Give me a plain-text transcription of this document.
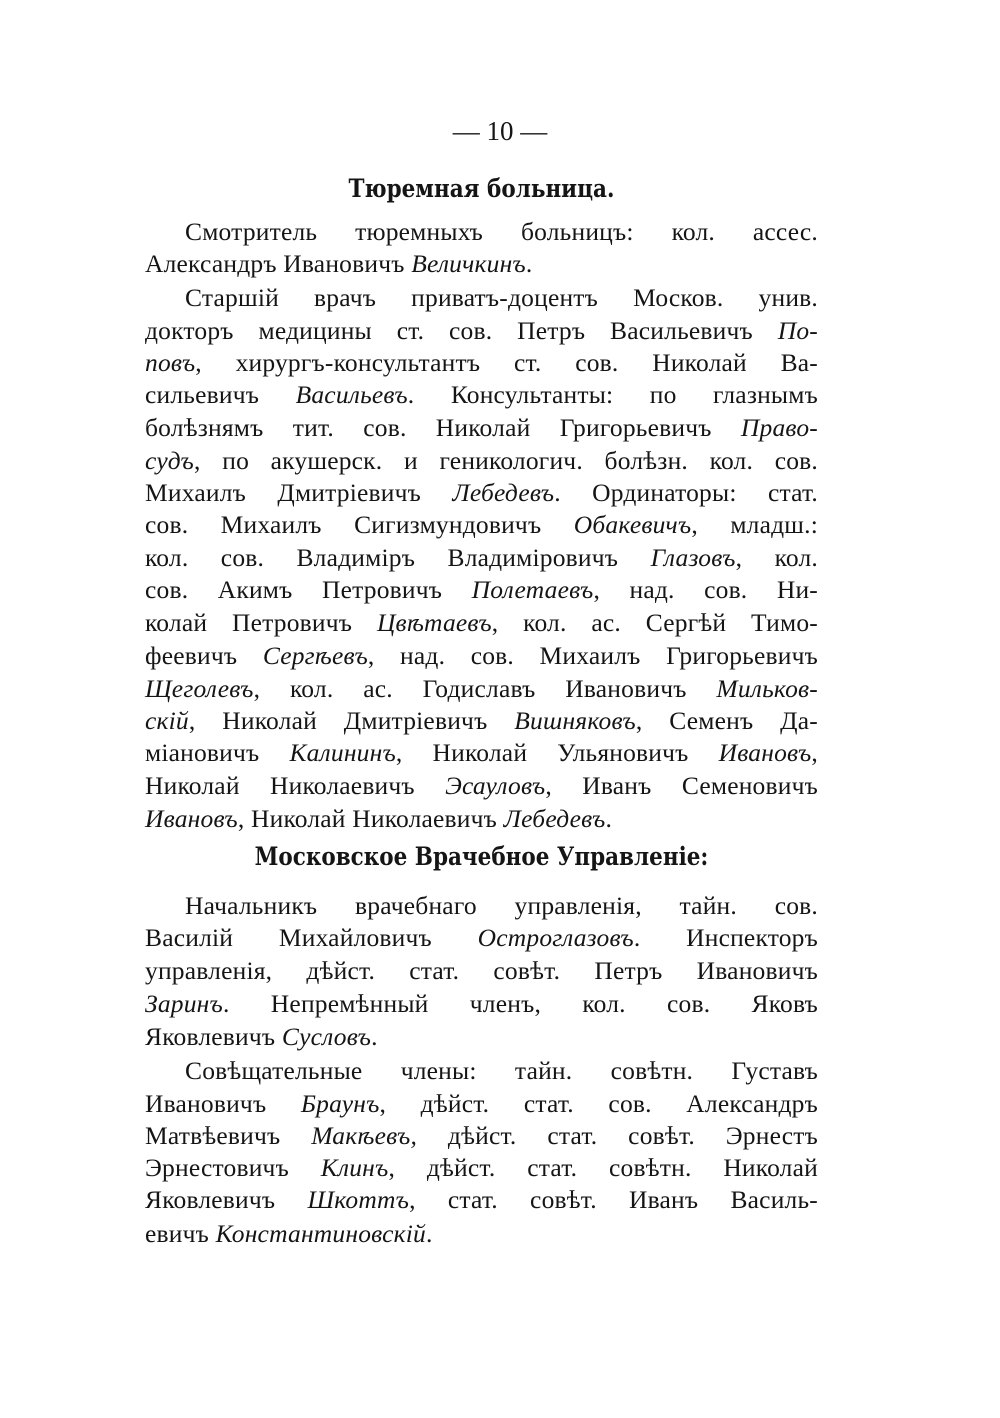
— 10 —
Тюремная больница.
Смотритель тюремныхъ больницъ: кол. ассес.
Александръ Ивановичъ Величкинъ.
Старшій врачъ приватъ-доцентъ Москов. унив.
докторъ медицины ст. сов. Петръ Васильевичъ По-
повъ, хирургъ-консультантъ ст. сов. Николай Ва-
сильевичъ Васильевъ. Консультанты: по глазнымъ
болѣзнямъ тит. сов. Николай Григорьевичъ Право-
судъ, по акушерск. и геникологич. болѣзн. кол. сов.
Михаилъ Дмитріевичъ Лебедевъ. Ординаторы: стат.
сов. Михаилъ Сигизмундовичъ Обакевичъ, младш.:
кол. сов. Владиміръ Владиміровичъ Глазовъ, кол.
сов. Акимъ Петровичъ Полетаевъ, над. сов. Ни-
колай Петровичъ Цвѣтаевъ, кол. ас. Сергѣй Тимо-
феевичъ Сергѣевъ, над. сов. Михаилъ Григорьевичъ
Щеголевъ, кол. ас. Годиславъ Ивановичъ Мильков-
скій, Николай Дмитріевичъ Вишняковъ, Семенъ Да-
міановичъ Калининъ, Николай Ульяновичъ Ивановъ,
Николай Николаевичъ Эсауловъ, Иванъ Семеновичъ
Ивановъ, Николай Николаевичъ Лебедевъ.
Московское Врачебное Управленіе:
Начальникъ врачебнаго управленія, тайн. сов.
Василій Михайловичъ Остроглазовъ. Инспекторъ
управленія, дѣйст. стат. совѣт. Петръ Ивановичъ
Заринъ. Непремѣнный членъ, кол. сов. Яковъ
Яковлевичъ Сусловъ.
Совѣщательные члены: тайн. совѣтн. Густавъ
Ивановичъ Браунъ, дѣйст. стат. сов. Александръ
Матвѣевичъ Макѣевъ, дѣйст. стат. совѣт. Эрнестъ
Эрнестовичъ Клинъ, дѣйст. стат. совѣтн. Николай
Яковлевичъ Шкоттъ, стат. совѣт. Иванъ Василь-
евичъ Константиновскій.
